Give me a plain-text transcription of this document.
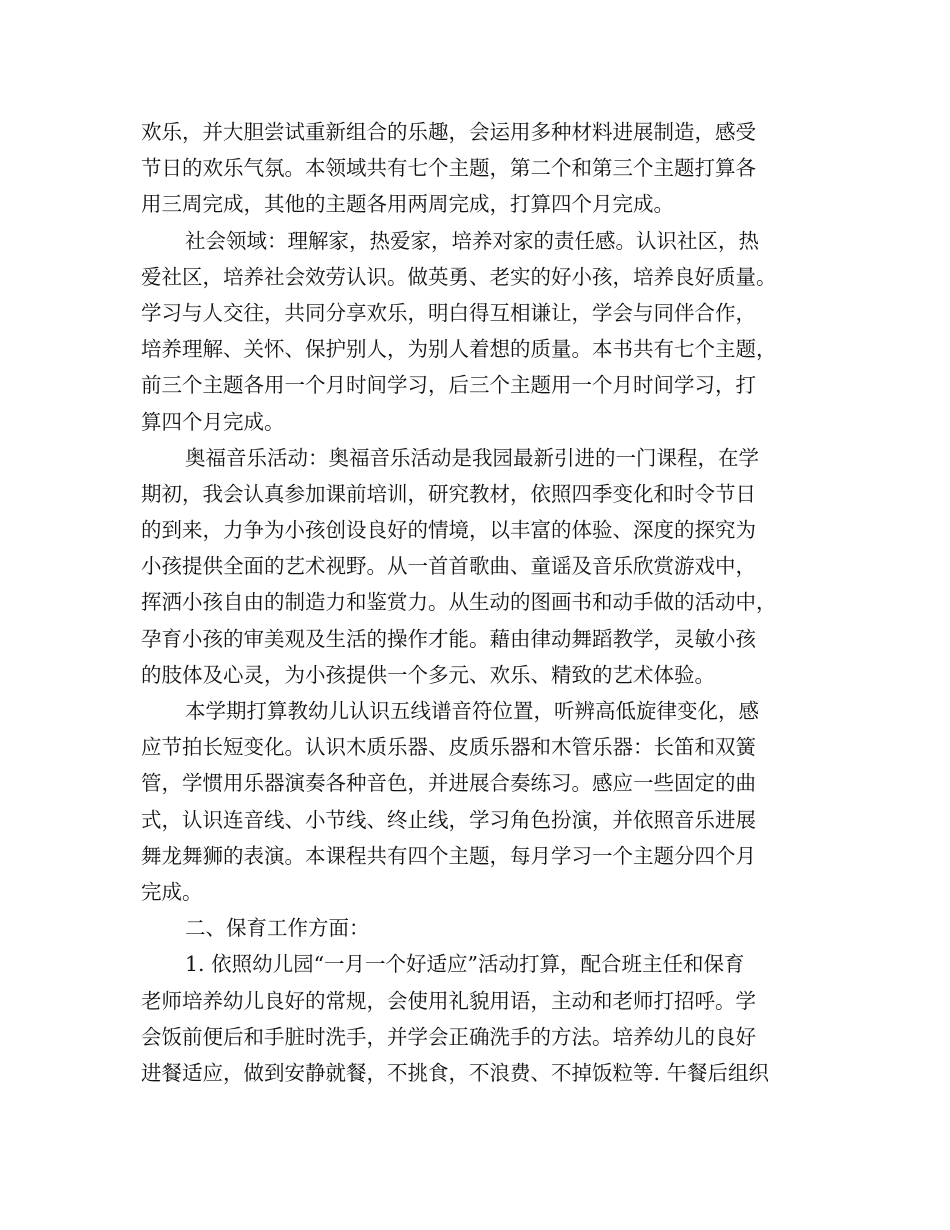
欢乐，并大胆尝试重新组合的乐趣，会运用多种材料进展制造，感受
节日的欢乐气氛。本领域共有七个主题，第二个和第三个主题打算各
用三周完成，其他的主题各用两周完成，打算四个月完成。
社会领域：理解家，热爱家，培养对家的责任感。认识社区，热
爱社区，培养社会效劳认识。做英勇、老实的好小孩，培养良好质量。
学习与人交往，共同分享欢乐，明白得互相谦让，学会与同伴合作，
培养理解、关怀、保护别人，为别人着想的质量。本书共有七个主题，
前三个主题各用一个月时间学习，后三个主题用一个月时间学习，打
算四个月完成。
奥福音乐活动：奥福音乐活动是我园最新引进的一门课程，在学
期初，我会认真参加课前培训，研究教材，依照四季变化和时令节日
的到来，力争为小孩创设良好的情境，以丰富的体验、深度的探究为
小孩提供全面的艺术视野。从一首首歌曲、童谣及音乐欣赏游戏中，
挥洒小孩自由的制造力和鉴赏力。从生动的图画书和动手做的活动中，
孕育小孩的审美观及生活的操作才能。藉由律动舞蹈教学，灵敏小孩
的肢体及心灵，为小孩提供一个多元、欢乐、精致的艺术体验。
本学期打算教幼儿认识五线谱音符位置，听辨高低旋律变化，感
应节拍长短变化。认识木质乐器、皮质乐器和木管乐器：长笛和双簧
管，学惯用乐器演奏各种音色，并进展合奏练习。感应一些固定的曲
式，认识连音线、小节线、终止线，学习角色扮演，并依照音乐进展
舞龙舞狮的表演。本课程共有四个主题，每月学习一个主题分四个月
完成。
二、保育工作方面：
1. 依照幼儿园“一月一个好适应”活动打算，配合班主任和保育
老师培养幼儿良好的常规，会使用礼貌用语，主动和老师打招呼。学
会饭前便后和手脏时洗手，并学会正确洗手的方法。培养幼儿的良好
进餐适应，做到安静就餐，不挑食，不浪费、不掉饭粒等. 午餐后组织
